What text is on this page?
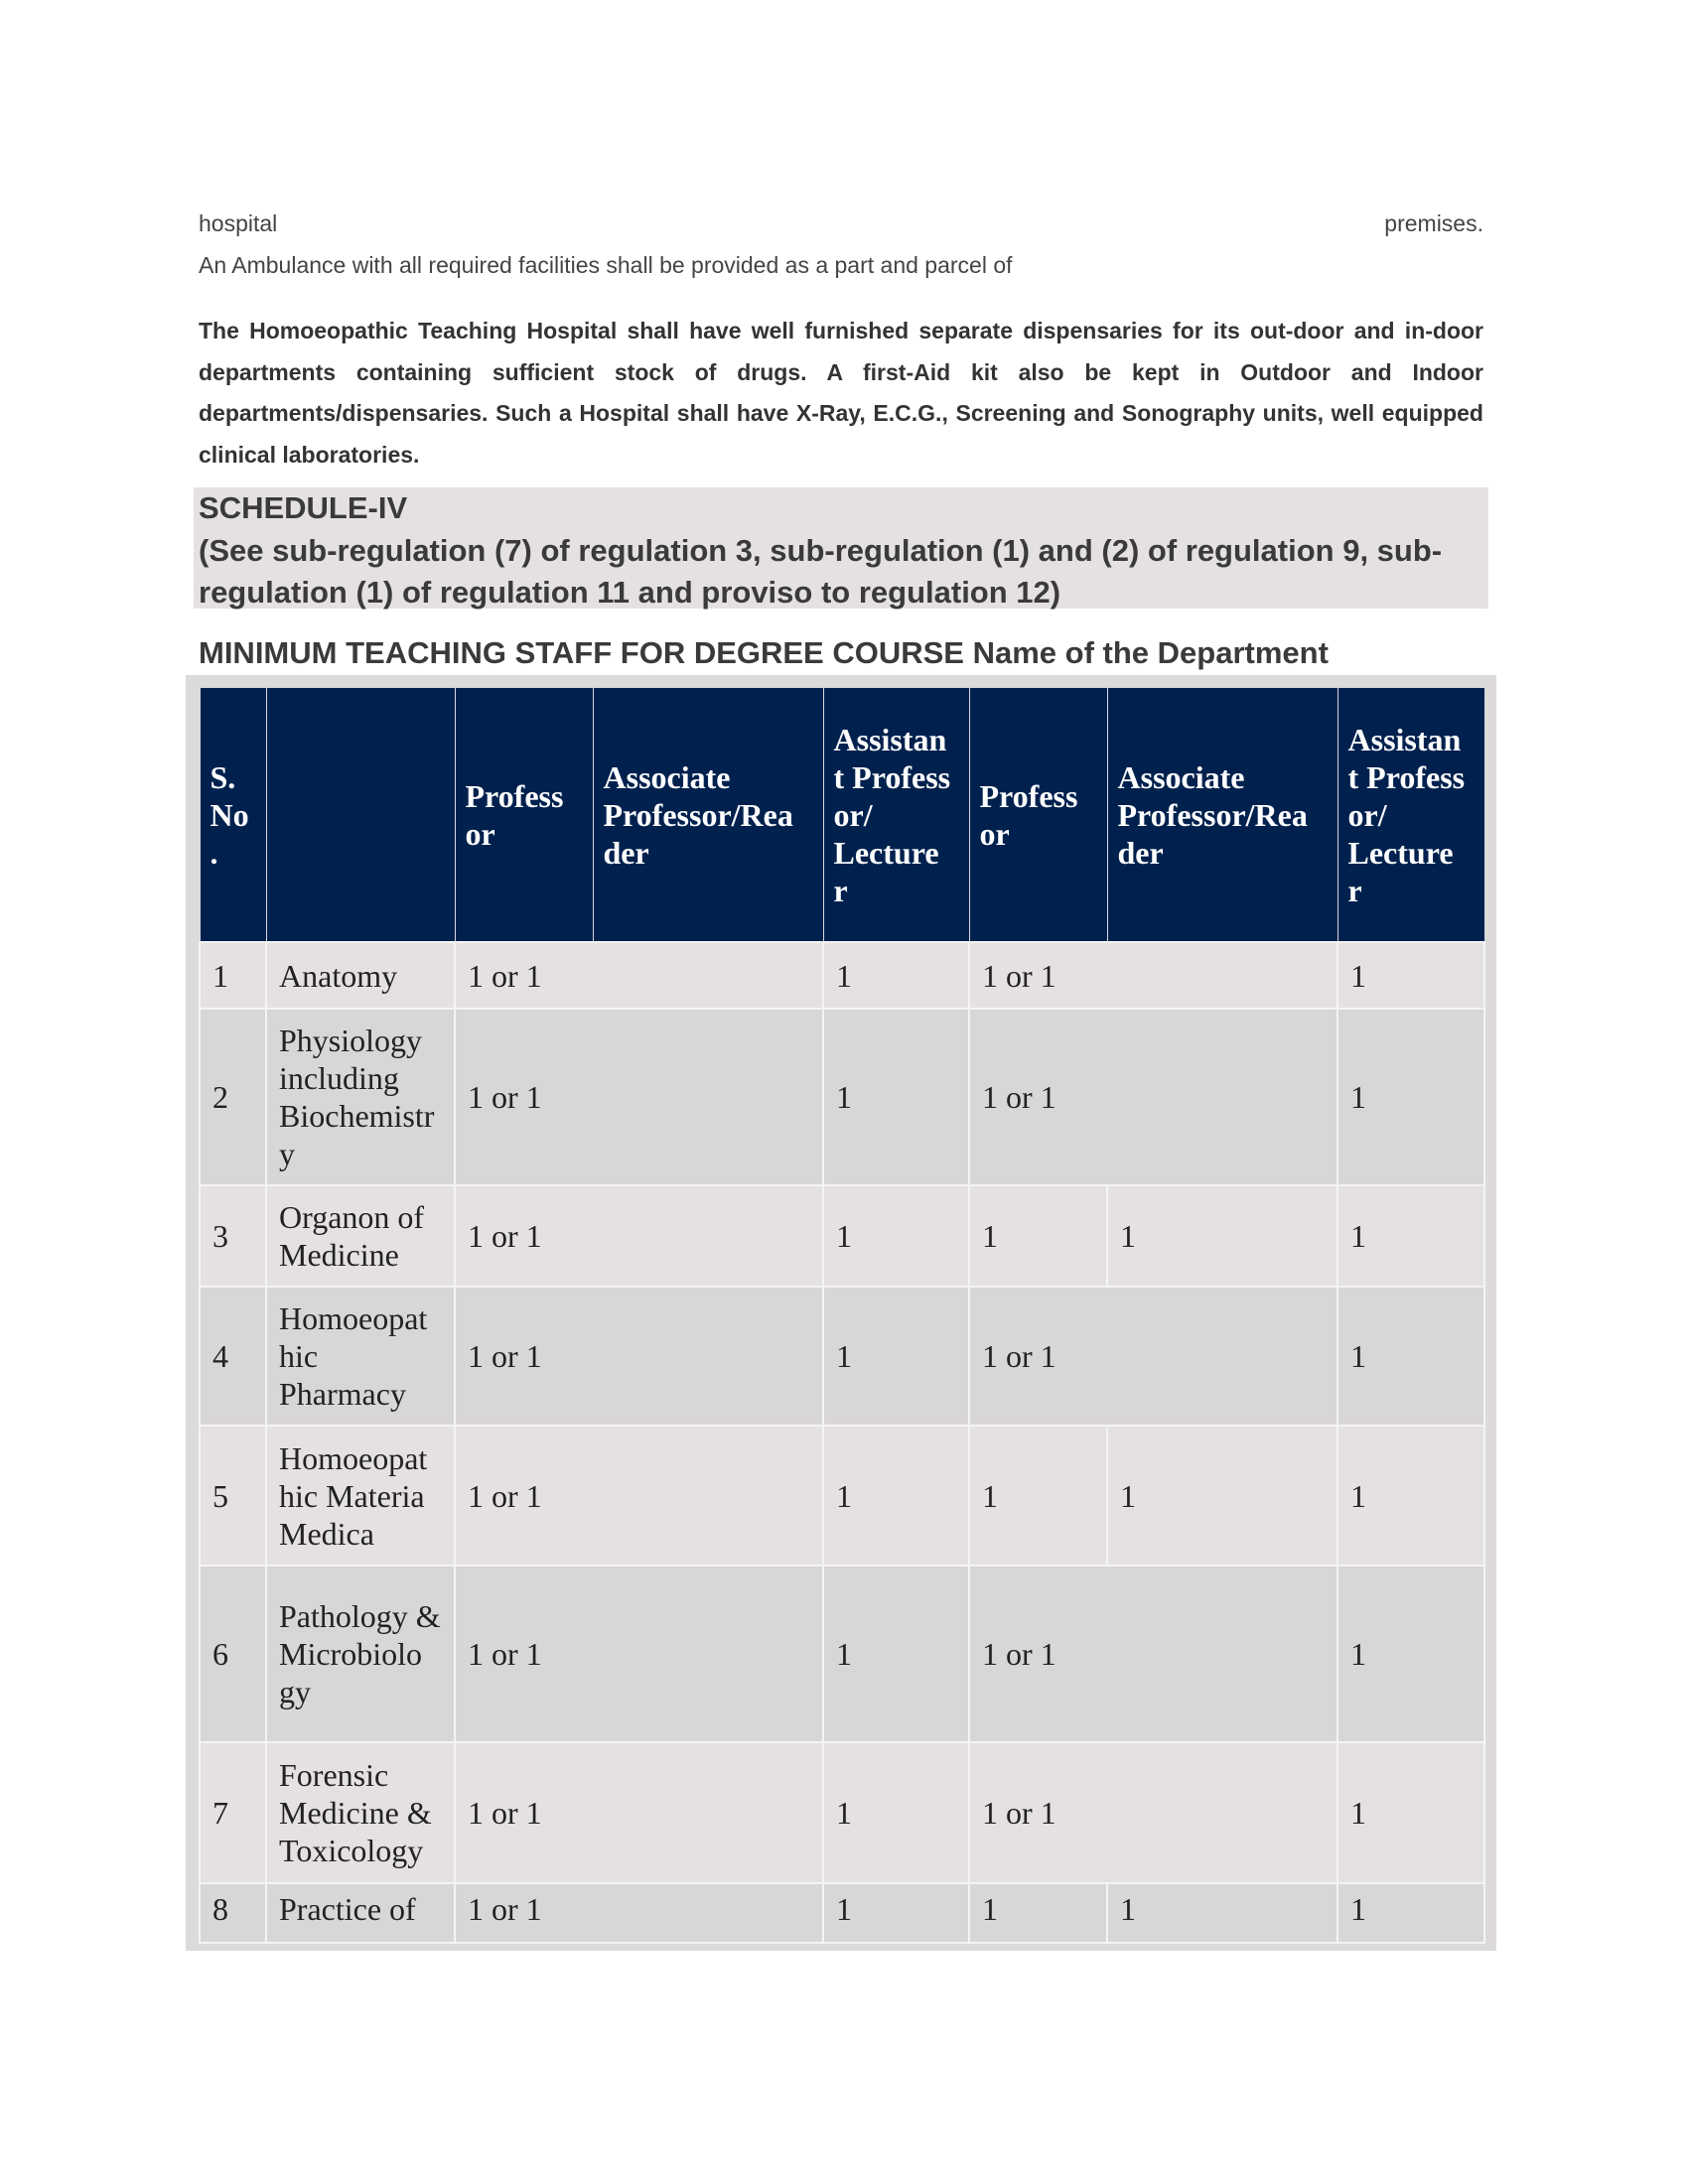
hospital	premises.
An Ambulance with all required facilities shall be provided as a part and parcel of
The Homoeopathic Teaching Hospital shall have well furnished separate dispensaries for its out-door and in-door departments containing sufficient stock of drugs. A first-Aid kit also be kept in Outdoor and Indoor departments/dispensaries. Such a Hospital shall have X-Ray, E.C.G., Screening and Sonography units, well equipped clinical laboratories.
SCHEDULE-IV
(See sub-regulation (7) of regulation 3, sub-regulation (1) and (2) of regulation 9, sub-regulation (1) of regulation 11 and proviso to regulation 12)
MINIMUM TEACHING STAFF FOR DEGREE COURSE Name of the Department
S. No .		Profess or	Associate Professor/Rea der	Assistan t Profess or/ Lecture r	Profess or	Associate Professor/Rea der	Assistan t Profess or/ Lecture r
1	Anatomy	1 or 1		1	1 or 1		1
2	Physiology including Biochemistr y	1 or 1		1	1 or 1		1
3	Organon of Medicine	1 or 1		1	1	1	1
4	Homoeopat hic Pharmacy	1 or 1		1	1 or 1		1
5	Homoeopat hic Materia Medica	1 or 1		1	1	1	1
6	Pathology & Microbiolo gy	1 or 1		1	1 or 1		1
7	Forensic Medicine & Toxicology	1 or 1		1	1 or 1		1
8	Practice of	1 or 1		1	1	1	1
